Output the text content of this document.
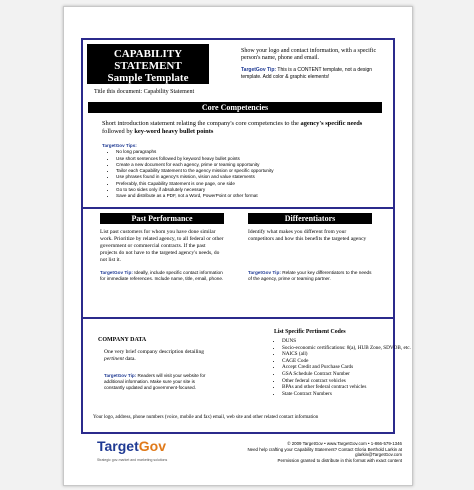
CAPABILITY STATEMENT
Sample Template
Show your logo and contact information, with a specific person's name, phone and email.
TargetGov Tip: This is a CONTENT template, not a design template. Add color & graphic elements!
Title this document: Capability Statement
Core Competencies
Short introduction statement relating the company's core competencies to the agency's specific needs followed by key-word heavy bullet points
TargetGov Tips:
• No long paragraphs
• Use short sentences followed by keyword heavy bullet points
• Create a new document for each agency, prime or teaming opportunity
• Tailor each Capability Statement to the agency mission or specific opportunity
• Use phrases found in agency's mission, vision and value statements
• Preferably, this Capability Statement is one page, one side
• Go to two sides only if absolutely necessary
• Save and distribute as a PDF, not a Word, PowerPoint or other format
Past Performance	Differentiators
List past customers for whom you have done similar work. Prioritize by related agency, to all federal or other government or commercial contracts. If the past projects do not have to the targeted agency's needs, do not list it.
TargetGov Tip: Ideally, include specific contact information for immediate references. Include name, title, email, phone.
Identify what makes you different from your competitors and how this benefits the targeted agency
TargetGov Tip: Relate your key differentiators to the needs of the agency, prime or teaming partner.
COMPANY DATA
One very brief company description detailing pertinent data.
TargetGov Tip: Readers will visit your website for additional information. Make sure your site is constantly updated and government-focused.
List Specific Pertinent Codes
• DUNS
• Socio-economic certifications: 8(a), HUB Zone, SDVOB, etc.
• NAICS (all)
• CAGE Code
• Accept Credit and Purchase Cards
• GSA Schedule Contract Number
• Other federal contract vehicles
• BPAs and other federal contract vehicles
• State Contract Numbers
Your logo, address, phone numbers (voice, mobile and fax) email, web site and other related contact information
TargetGov
Strategic gov-market and marketing solutions
© 2009 TargetGov • www.TargetGov.com • 1-866-579-1346
Need help crafting your Capability Statement? Contact Gloria Berthold Larkin at glarkin@TargetGov.com
Permission granted to distribute in this format with exact content
